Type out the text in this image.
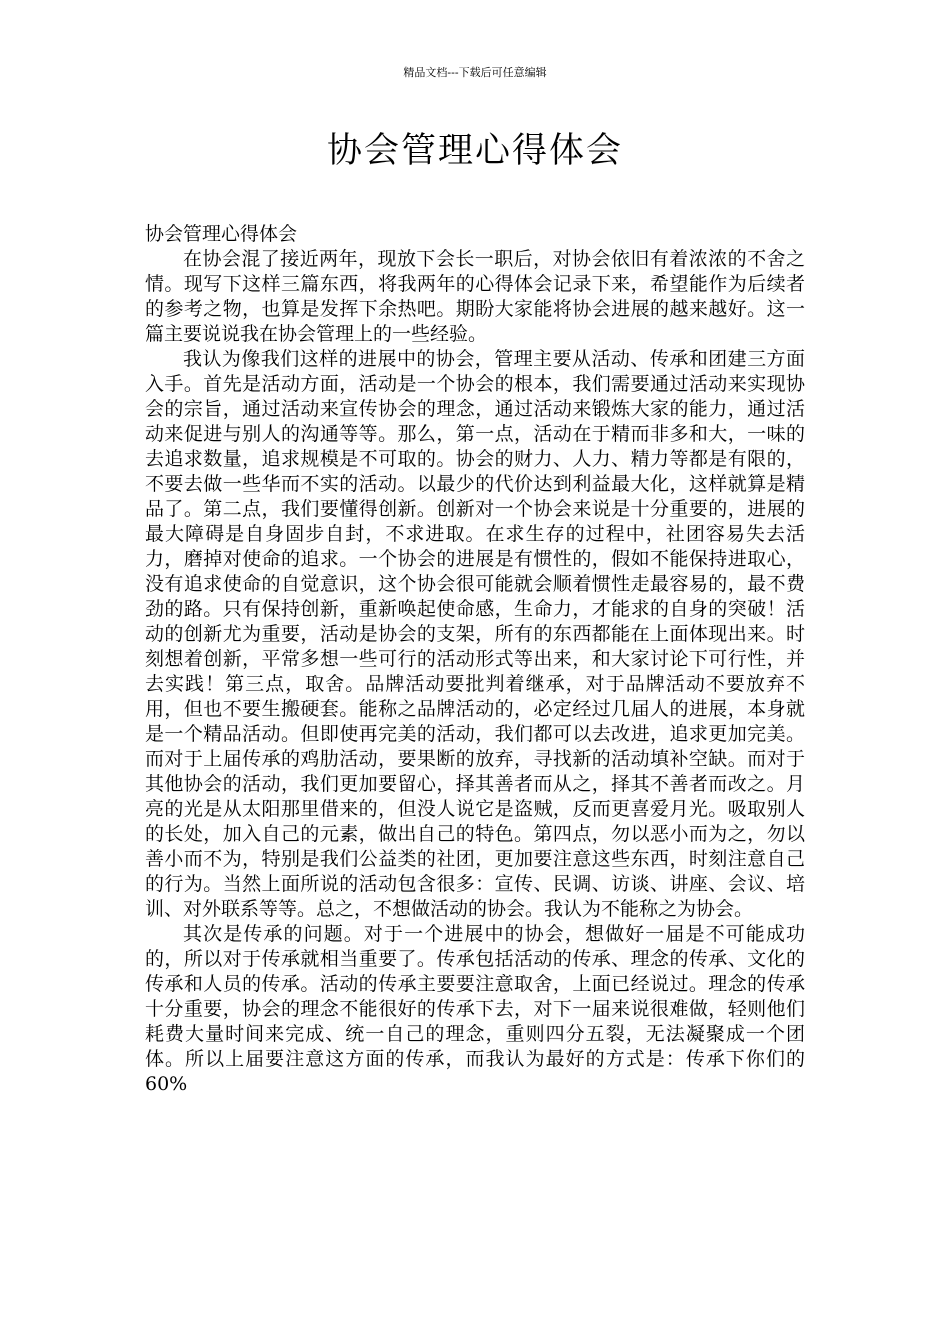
精品文档---下载后可任意编辑
协会管理心得体会

协会管理心得体会

在协会混了接近两年，现放下会长一职后，对协会依旧有着浓浓的不舍之情。现写下这样三篇东西，将我两年的心得体会记录下来，希望能作为后续者的参考之物，也算是发挥下余热吧。期盼大家能将协会进展的越来越好。这一篇主要说说我在协会管理上的一些经验。

我认为像我们这样的进展中的协会，管理主要从活动、传承和团建三方面入手。首先是活动方面，活动是一个协会的根本，我们需要通过活动来实现协会的宗旨，通过活动来宣传协会的理念，通过活动来锻炼大家的能力，通过活动来促进与别人的沟通等等。那么，第一点，活动在于精而非多和大，一味的去追求数量，追求规模是不可取的。协会的财力、人力、精力等都是有限的，不要去做一些华而不实的活动。以最少的代价达到利益最大化，这样就算是精品了。第二点，我们要懂得创新。创新对一个协会来说是十分重要的，进展的最大障碍是自身固步自封，不求进取。在求生存的过程中，社团容易失去活力，磨掉对使命的追求。一个协会的进展是有惯性的，假如不能保持进取心，没有追求使命的自觉意识，这个协会很可能就会顺着惯性走最容易的，最不费劲的路。只有保持创新，重新唤起使命感，生命力，才能求的自身的突破！活动的创新尤为重要，活动是协会的支架，所有的东西都能在上面体现出来。时刻想着创新，平常多想一些可行的活动形式等出来，和大家讨论下可行性，并去实践！第三点，取舍。品牌活动要批判着继承，对于品牌活动不要放弃不用，但也不要生搬硬套。能称之品牌活动的，必定经过几届人的进展，本身就是一个精品活动。但即使再完美的活动，我们都可以去改进，追求更加完美。而对于上届传承的鸡肋活动，要果断的放弃，寻找新的活动填补空缺。而对于其他协会的活动，我们更加要留心，择其善者而从之，择其不善者而改之。月亮的光是从太阳那里借来的，但没人说它是盗贼，反而更喜爱月光。吸取别人的长处，加入自己的元素，做出自己的特色。第四点，勿以恶小而为之，勿以善小而不为，特别是我们公益类的社团，更加要注意这些东西，时刻注意自己的行为。当然上面所说的活动包含很多：宣传、民调、访谈、讲座、会议、培训、对外联系等等。总之，不想做活动的协会。我认为不能称之为协会。

其次是传承的问题。对于一个进展中的协会，想做好一届是不可能成功的，所以对于传承就相当重要了。传承包括活动的传承、理念的传承、文化的传承和人员的传承。活动的传承主要要注意取舍，上面已经说过。理念的传承十分重要，协会的理念不能很好的传承下去，对下一届来说很难做，轻则他们耗费大量时间来完成、统一自己的理念，重则四分五裂，无法凝聚成一个团体。所以上届要注意这方面的传承，而我认为最好的方式是：传承下你们的60%
